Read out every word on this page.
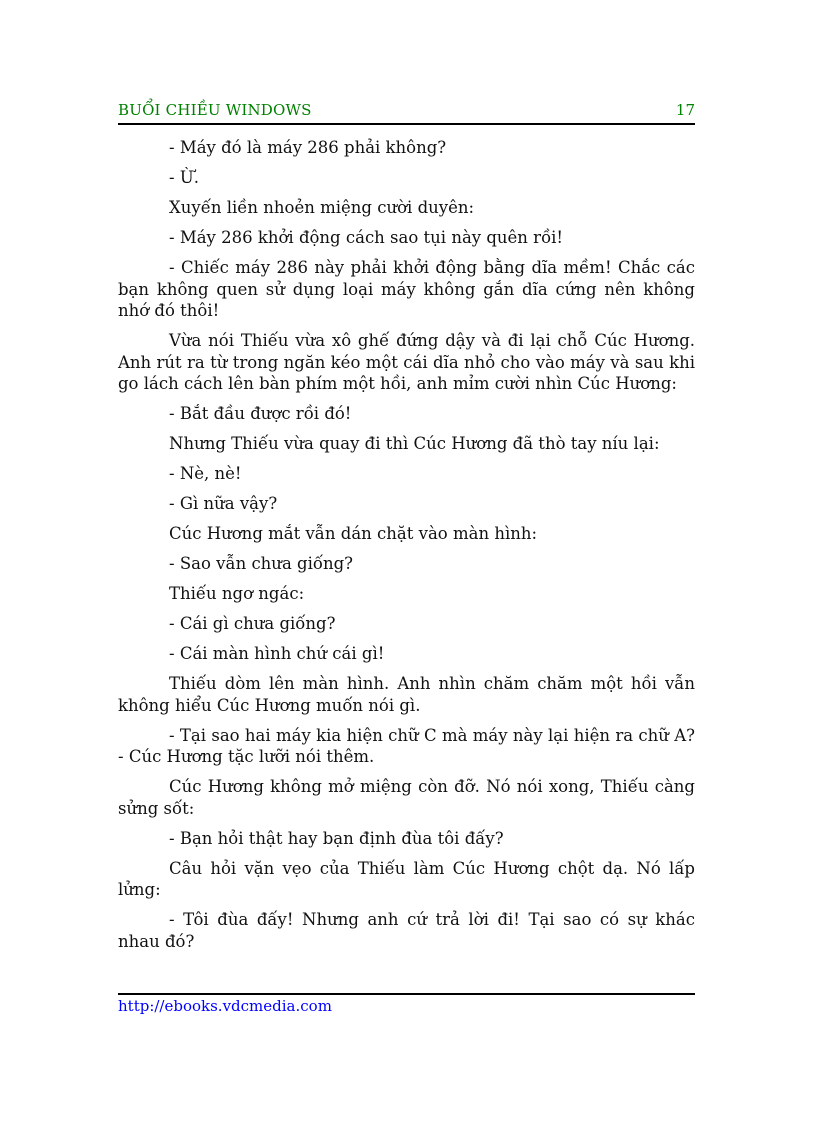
BUỔI CHIỀU WINDOWS	17

- Máy đó là máy 286 phải không?

- Ừ.

Xuyến liền nhoẻn miệng cười duyên:

- Máy 286 khởi động cách sao tụi này quên rồi!

- Chiếc máy 286 này phải khởi động bằng dĩa mềm! Chắc các bạn không quen sử dụng loại máy không gắn dĩa cứng nên không nhớ đó thôi!

Vừa nói Thiếu vừa xô ghế đứng dậy và đi lại chỗ Cúc Hương. Anh rút ra từ trong ngăn kéo một cái dĩa nhỏ cho vào máy và sau khi go lách cách lên bàn phím một hồi, anh mỉm cười nhìn Cúc Hương:

- Bắt đầu được rồi đó!

Nhưng Thiếu vừa quay đi thì Cúc Hương đã thò tay níu lại:

- Nè, nè!

- Gì nữa vậy?

Cúc Hương mắt vẫn dán chặt vào màn hình:

- Sao vẫn chưa giống?

Thiếu ngơ ngác:

- Cái gì chưa giống?

- Cái màn hình chứ cái gì!

Thiếu dòm lên màn hình. Anh nhìn chăm chăm một hồi vẫn không hiểu Cúc Hương muốn nói gì.

- Tại sao hai máy kia hiện chữ C mà máy này lại hiện ra chữ A? - Cúc Hương tặc lưỡi nói thêm.

Cúc Hương không mở miệng còn đỡ. Nó nói xong, Thiếu càng sửng sốt:

- Bạn hỏi thật hay bạn định đùa tôi đấy?

Câu hỏi vặn vẹo của Thiếu làm Cúc Hương chột dạ. Nó lấp lửng:

- Tôi đùa đấy! Nhưng anh cứ trả lời đi! Tại sao có sự khác nhau đó?

http://ebooks.vdcmedia.com
